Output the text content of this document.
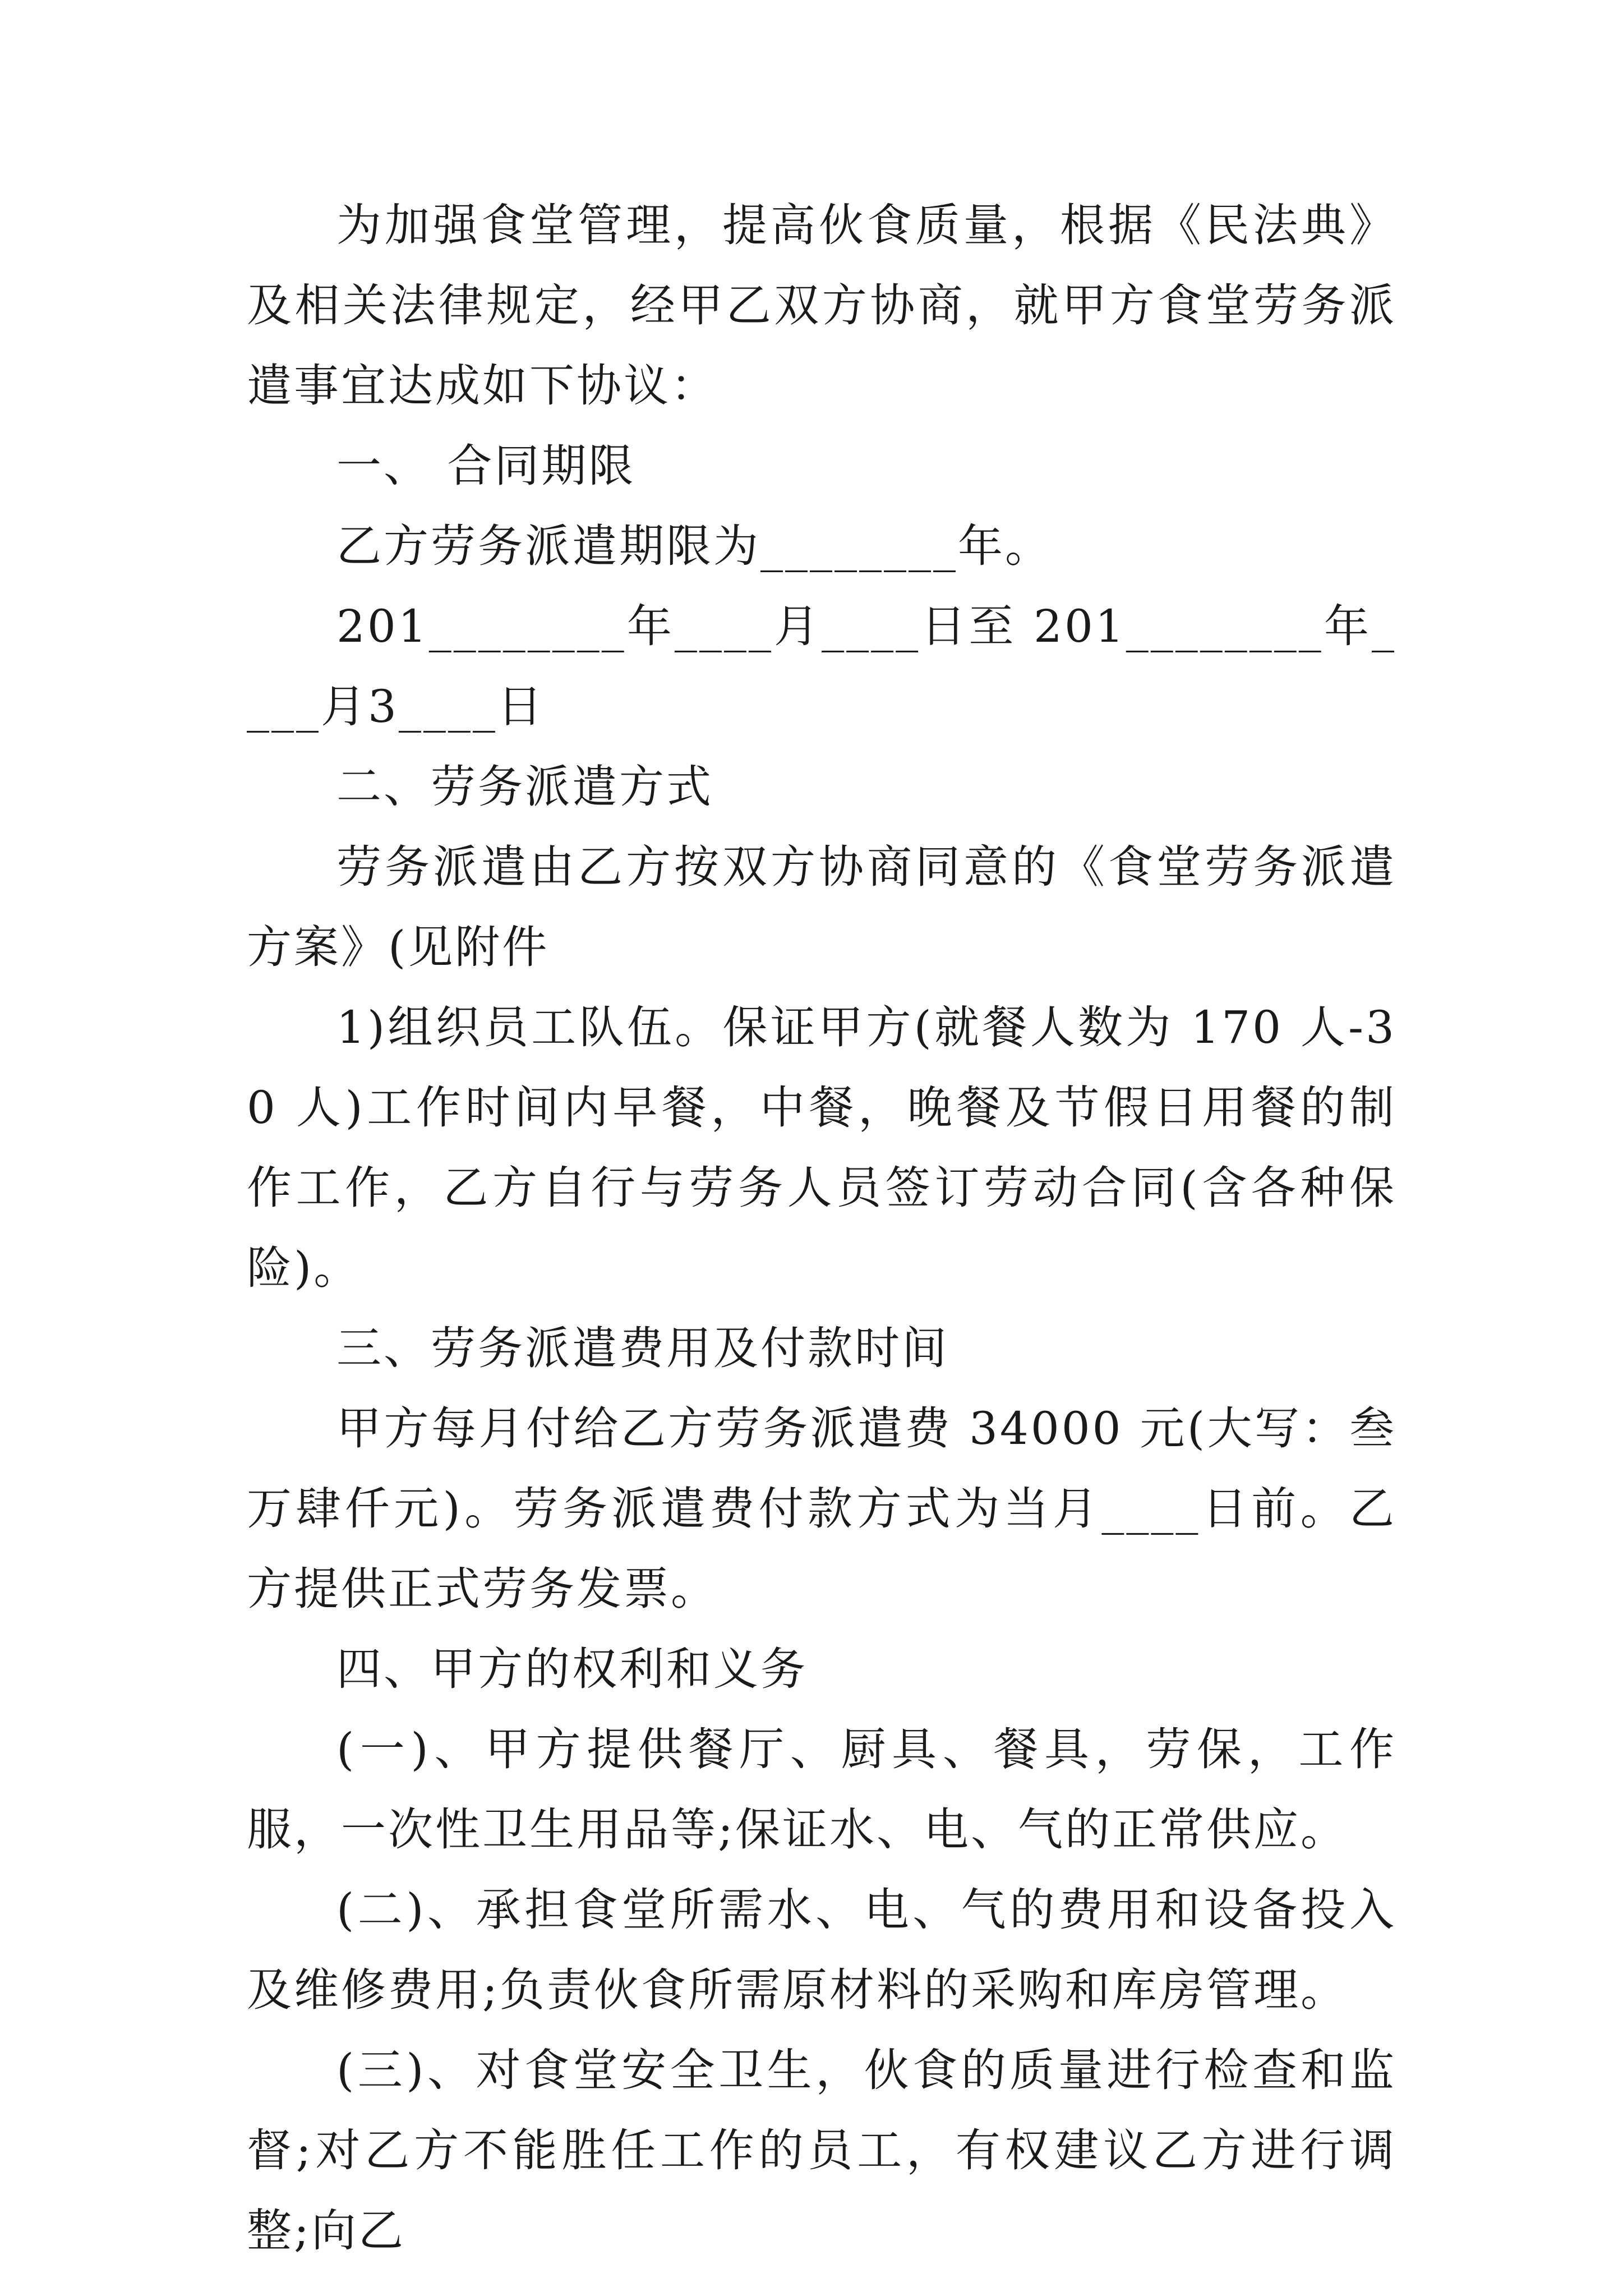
为加强食堂管理，提高伙食质量，根据《民法典》及相关法律规定，经甲乙双方协商，就甲方食堂劳务派遣事宜达成如下协议：

一、 合同期限

乙方劳务派遣期限为________年。

201________年____月____日至 201________年____月3____日

二、劳务派遣方式

劳务派遣由乙方按双方协商同意的《食堂劳务派遣方案》(见附件

1)组织员工队伍。保证甲方(就餐人数为 170 人-30 人)工作时间内早餐，中餐，晚餐及节假日用餐的制作工作，乙方自行与劳务人员签订劳动合同(含各种保险)。

三、劳务派遣费用及付款时间

甲方每月付给乙方劳务派遣费 34000 元(大写：叁万肆仟元)。劳务派遣费付款方式为当月____日前。乙方提供正式劳务发票。

四、甲方的权利和义务

(一)、甲方提供餐厅、厨具、餐具，劳保，工作服，一次性卫生用品等;保证水、电、气的正常供应。

(二)、承担食堂所需水、电、气的费用和设备投入及维修费用;负责伙食所需原材料的采购和库房管理。

(三)、对食堂安全卫生，伙食的质量进行检查和监督;对乙方不能胜任工作的员工，有权建议乙方进行调整;向乙
